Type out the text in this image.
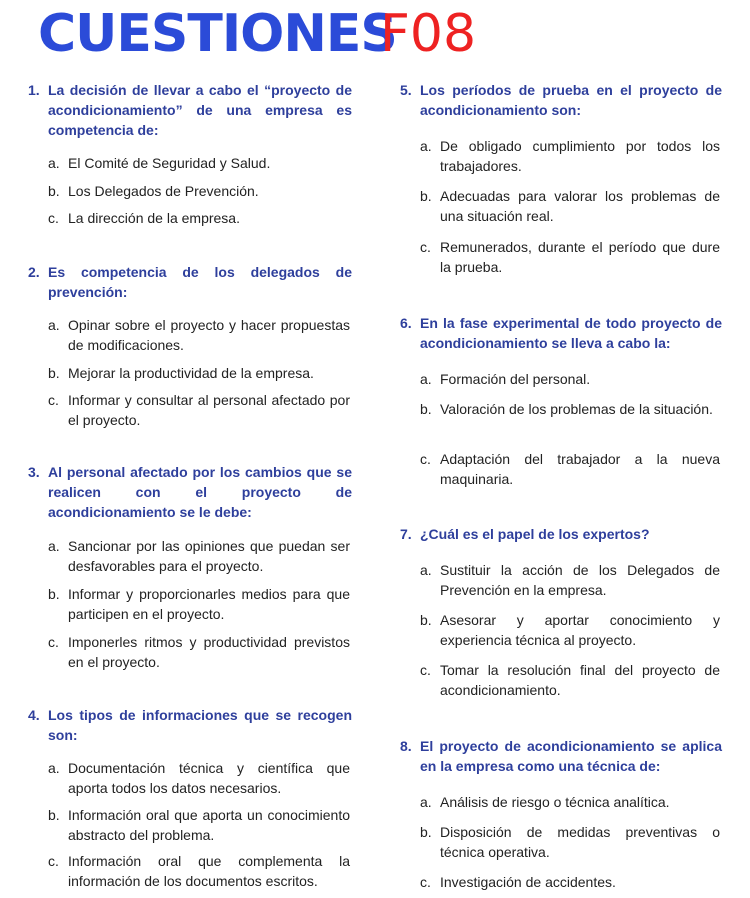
CUESTIONES
F08
1. La decisión de llevar a cabo el “proyecto de acondicionamiento” de una empresa es competencia de:
a. El Comité de Seguridad y Salud.
b. Los Delegados de Prevención.
c. La dirección de la empresa.
2. Es competencia de los delegados de prevención:
a. Opinar sobre el proyecto y hacer propuestas de modificaciones.
b. Mejorar la productividad de la empresa.
c. Informar y consultar al personal afectado por el proyecto.
3. Al personal afectado por los cambios que se realicen con el proyecto de acondicionamiento se le debe:
a. Sancionar por las opiniones que puedan ser desfavorables para el proyecto.
b. Informar y proporcionarles medios para que participen en el proyecto.
c. Imponerles ritmos y productividad previstos en el proyecto.
4. Los tipos de informaciones que se recogen son:
a. Documentación técnica y científica que aporta todos los datos necesarios.
b. Información oral que aporta un conocimiento abstracto del problema.
c. Información oral que complementa la información de los documentos escritos.
5. Los períodos de prueba en el proyecto de acondicionamiento son:
a. De obligado cumplimiento por todos los trabajadores.
b. Adecuadas para valorar los problemas de una situación real.
c. Remunerados, durante el período que dure la prueba.
6. En la fase experimental de todo proyecto de acondicionamiento se lleva a cabo la:
a. Formación del personal.
b. Valoración de los problemas de la situación.
c. Adaptación del trabajador a la nueva maquinaria.
7. ¿Cuál es el papel de los expertos?
a. Sustituir la acción de los Delegados de Prevención en la empresa.
b. Asesorar y aportar conocimiento y experiencia técnica al proyecto.
c. Tomar la resolución final del proyecto de acondicionamiento.
8. El proyecto de acondicionamiento se aplica en la empresa como una técnica de:
a. Análisis de riesgo o técnica analítica.
b. Disposición de medidas preventivas o técnica operativa.
c. Investigación de accidentes.
